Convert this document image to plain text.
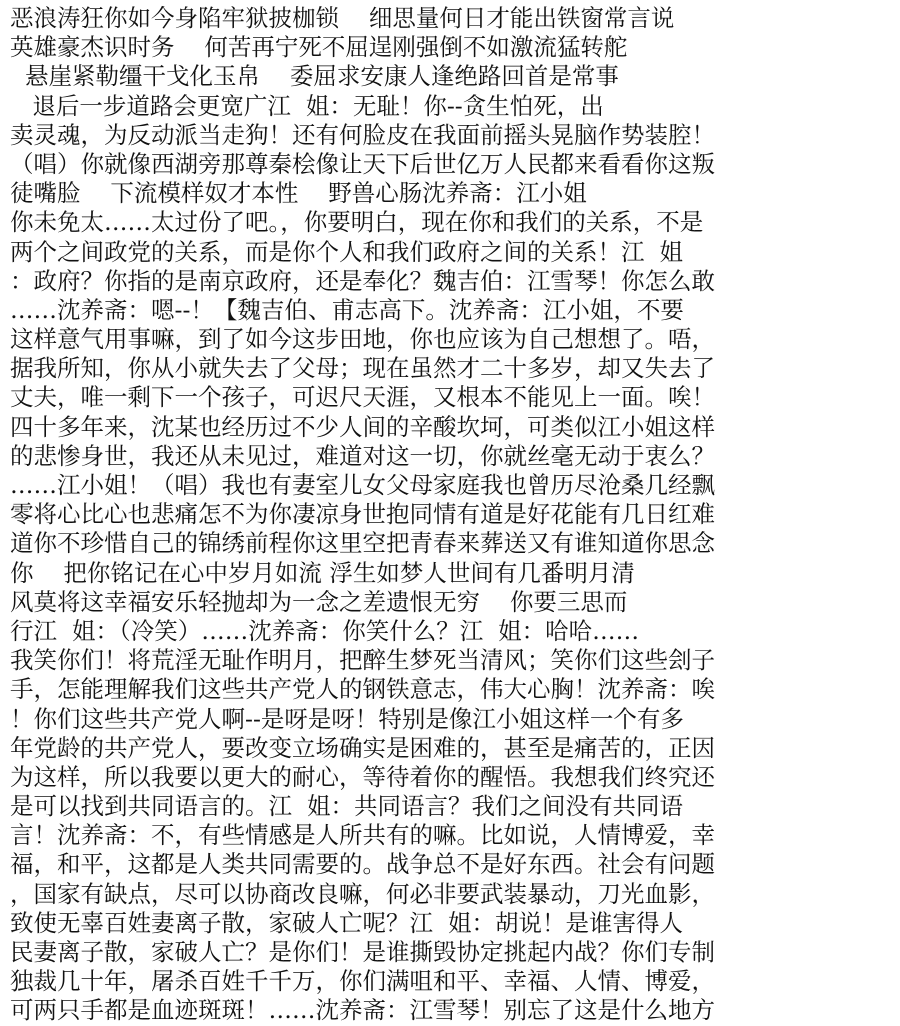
恶浪涛狂你如今身陷牢狱披枷锁    细思量何日才能出铁窗常言说
英雄豪杰识时务    何苦再宁死不屈逞刚强倒不如激流猛转舵
悬崖紧勒缰干戈化玉帛    委屈求安康人逢绝路回首是常事
退后一步道路会更宽广江  姐：无耻！你--贪生怕死，出
卖灵魂，为反动派当走狗！还有何脸皮在我面前摇头晃脑作势装腔！
（唱）你就像西湖旁那尊秦桧像让天下后世亿万人民都来看看你这叛
徒嘴脸    下流模样奴才本性    野兽心肠沈养斋：江小姐
你未免太……太过份了吧。，你要明白，现在你和我们的关系，不是
两个之间政党的关系，而是你个人和我们政府之间的关系！江  姐
：政府？你指的是南京政府，还是奉化？魏吉伯：江雪琴！你怎么敢
……沈养斋：嗯--！【魏吉伯、甫志高下。沈养斋：江小姐，不要
这样意气用事嘛，到了如今这步田地，你也应该为自己想想了。唔，
据我所知，你从小就失去了父母；现在虽然才二十多岁，却又失去了
丈夫，唯一剩下一个孩子，可迟尺天涯，又根本不能见上一面。唉！
四十多年来，沈某也经历过不少人间的辛酸坎坷，可类似江小姐这样
的悲惨身世，我还从未见过，难道对这一切，你就丝毫无动于衷么？
……江小姐！（唱）我也有妻室儿女父母家庭我也曾历尽沧桑几经飘
零将心比心也悲痛怎不为你凄凉身世抱同情有道是好花能有几日红难
道你不珍惜自己的锦绣前程你这里空把青春来葬送又有谁知道你思念
你    把你铭记在心中岁月如流 浮生如梦人世间有几番明月清
风莫将这幸福安乐轻抛却为一念之差遗恨无穷    你要三思而
行江  姐：（冷笑）……沈养斋：你笑什么？江  姐：哈哈……
我笑你们！将荒淫无耻作明月，把醉生梦死当清风；笑你们这些刽子
手，怎能理解我们这些共产党人的钢铁意志，伟大心胸！沈养斋：唉
！你们这些共产党人啊--是呀是呀！特别是像江小姐这样一个有多
年党龄的共产党人，要改变立场确实是困难的，甚至是痛苦的，正因
为这样，所以我要以更大的耐心，等待着你的醒悟。我想我们终究还
是可以找到共同语言的。江  姐：共同语言？我们之间没有共同语
言！沈养斋：不，有些情感是人所共有的嘛。比如说，人情博爱，幸
福，和平，这都是人类共同需要的。战争总不是好东西。社会有问题
，国家有缺点，尽可以协商改良嘛，何必非要武装暴动，刀光血影，
致使无辜百姓妻离子散，家破人亡呢？江  姐：胡说！是谁害得人
民妻离子散，家破人亡？是你们！是谁撕毁协定挑起内战？你们专制
独裁几十年，屠杀百姓千千万，你们满咀和平、幸福、人情、博爱，
可两只手都是血迹斑斑！……沈养斋：江雪琴！别忘了这是什么地方
